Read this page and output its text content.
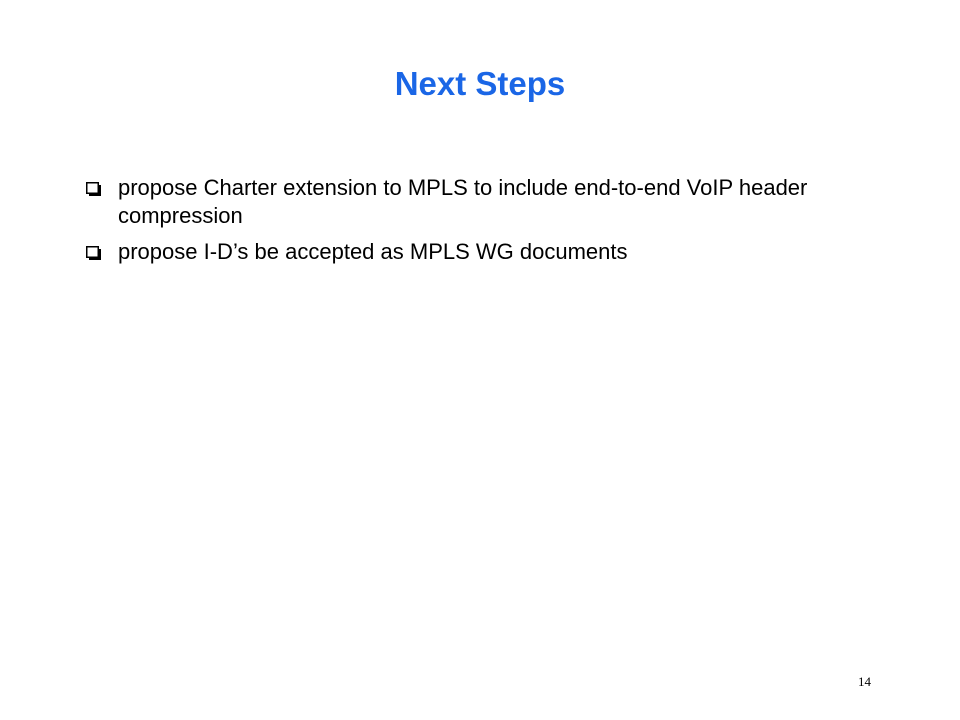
Next Steps
propose Charter extension to MPLS to include end-to-end VoIP header compression
propose I-D’s be accepted as MPLS WG documents
14
